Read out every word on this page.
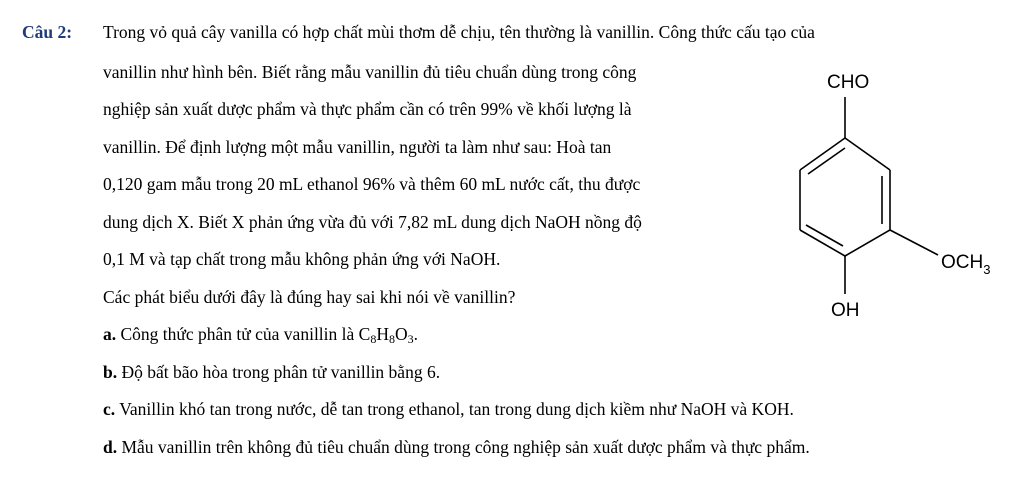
Câu 2: Trong vỏ quả cây vanilla có hợp chất mùi thơm dễ chịu, tên thường là vanillin. Công thức cấu tạo của
vanillin như hình bên. Biết rằng mẫu vanillin đủ tiêu chuẩn dùng trong công
nghiệp sản xuất dược phẩm và thực phẩm cần có trên 99% về khối lượng là
vanillin. Để định lượng một mẫu vanillin, người ta làm như sau: Hoà tan
0,120 gam mẫu trong 20 mL ethanol 96% và thêm 60 mL nước cất, thu được
dung dịch X. Biết X phản ứng vừa đủ với 7,82 mL dung dịch NaOH nồng độ
0,1 M và tạp chất trong mẫu không phản ứng với NaOH.
Các phát biểu dưới đây là đúng hay sai khi nói về vanillin?
a. Công thức phân tử của vanillin là $C_8H_8O_3$.
b. Độ bất bão hòa trong phân tử vanillin bằng 6.
c. Vanillin khó tan trong nước, dễ tan trong ethanol, tan trong dung dịch kiềm như NaOH và KOH.
d. Mẫu vanillin trên không đủ tiêu chuẩn dùng trong công nghiệp sản xuất dược phẩm và thực phẩm.
CHO
$OCH_3$
OH
